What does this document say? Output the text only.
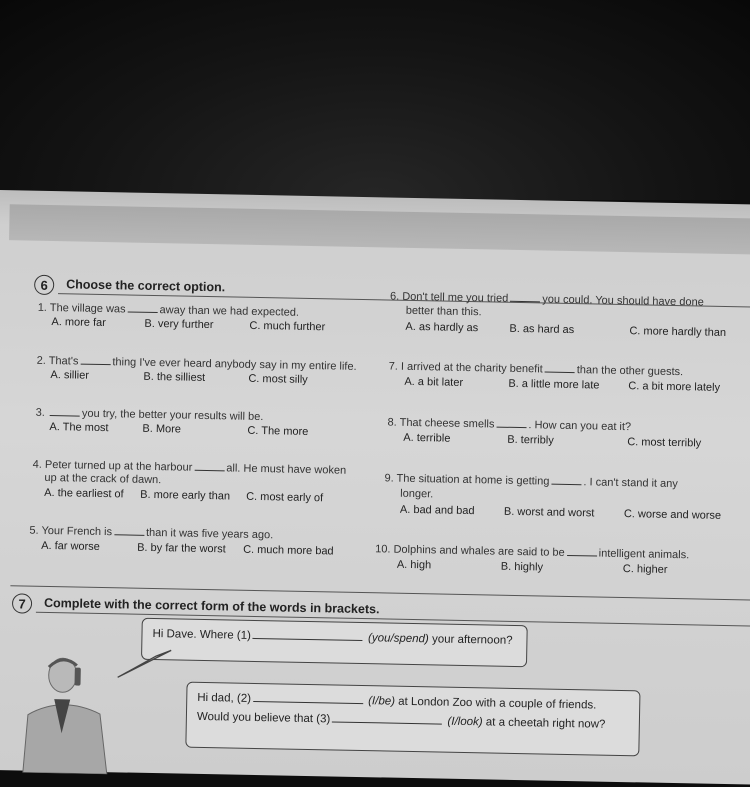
6	Choose the correct option.
1. The village was	away than we had expected.
A. more far	B. very further	C. much further
2. That's	thing I've ever heard anybody say in my entire life.
A. sillier	B. the silliest	C. most silly
3.	you try, the better your results will be.
A. The most	B. More	C. The more
4. Peter turned up at the harbour	all. He must have woken
up at the crack of dawn.
A. the earliest of B. more early than C. most early of
5. Your French is	than it was five years ago.
A. far worse	B. by far the worst C. much more bad
6. Don't tell me you tried	you could. You should have done
better than this.
A. as hardly as	B. as hard as	C. more hardly than
7. I arrived at the charity benefit	than the other guests.
A. a bit later	B. a little more late	C. a bit more lately
8. That cheese smells	. How can you eat it?
A. terrible	B. terribly	C. most terribly
9. The situation at home is getting	. I can't stand it any
longer.
A. bad and bad	B. worst and worst	C. worse and worse
10. Dolphins and whales are said to be	intelligent animals.
A. high	B. highly	C. higher
7	Complete with the correct form of the words in brackets.
Hi Dave. Where (1)	(you/spend) your afternoon?
Hi dad, (2)	(I/be) at London Zoo with a couple of friends.
Would you believe that (3)	(I/look) at a cheetah right now?
